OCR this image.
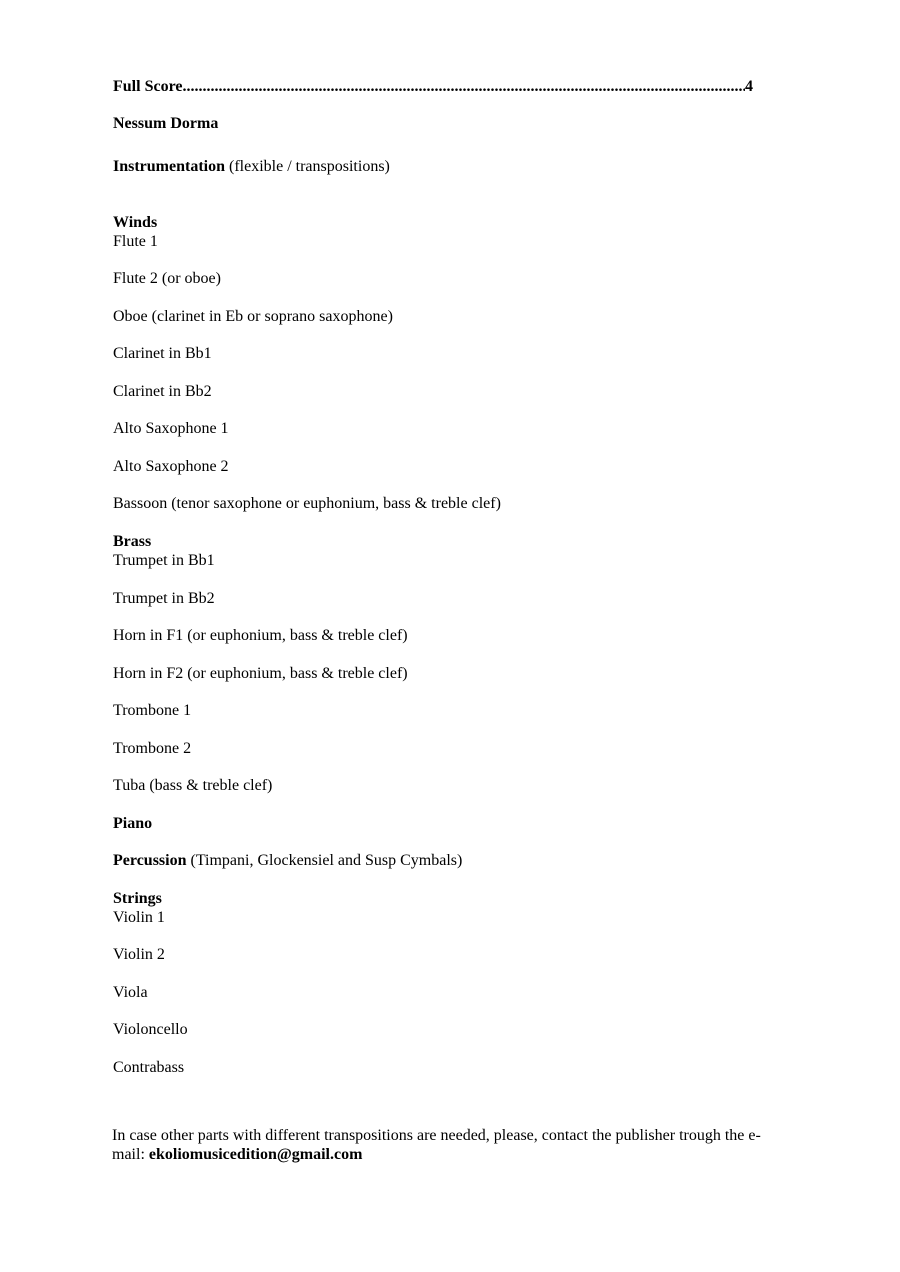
Full Score
.....	4
Nessum Dorma
Instrumentation (flexible / transpositions)
Winds
Flute 1
Flute 2 (or oboe)
Oboe (clarinet in Eb or soprano saxophone)
Clarinet in Bb1
Clarinet in Bb2
Alto Saxophone 1
Alto Saxophone 2
Bassoon (tenor saxophone or euphonium, bass & treble clef)
Brass
Trumpet in Bb1
Trumpet in Bb2
Horn in F1 (or euphonium, bass & treble clef)
Horn in F2 (or euphonium, bass & treble clef)
Trombone 1
Trombone 2
Tuba (bass & treble clef)
Piano
Percussion (Timpani, Glockensiel and Susp Cymbals)
Strings
Violin 1
Violin 2
Viola
Violoncello
Contrabass
In case other parts with different transpositions are needed, please, contact the publisher trough the e-mail: ekoliomusicedition@gmail.com
